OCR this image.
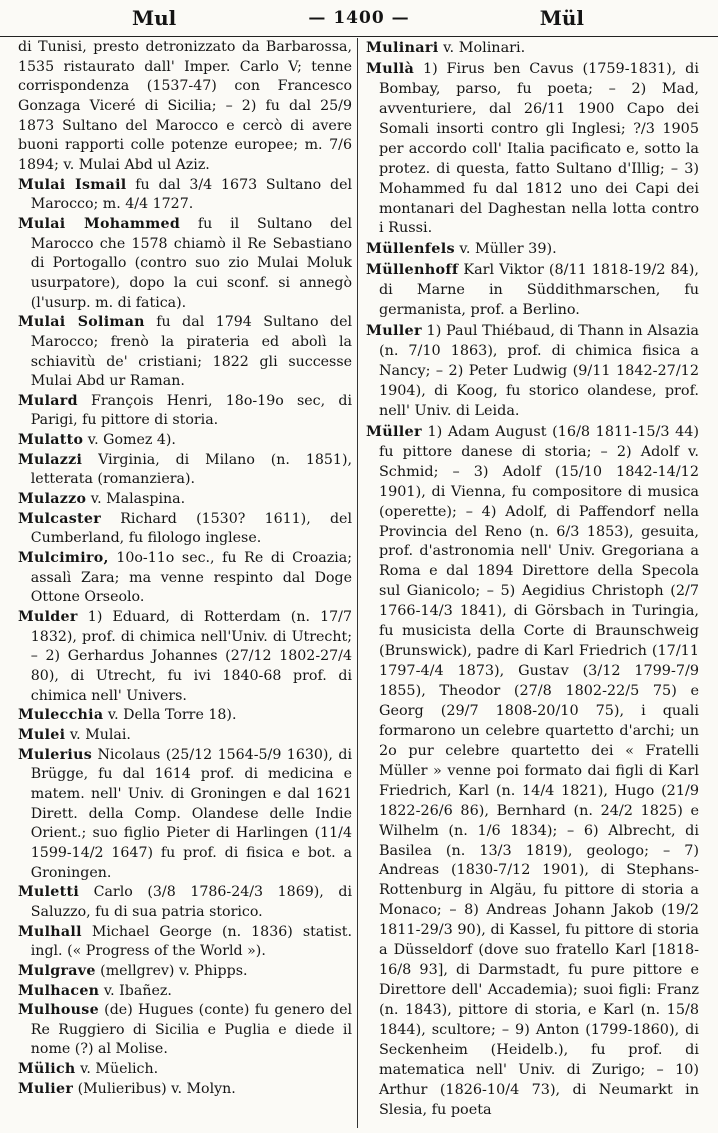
— 1400 —
Mul	Mül

di Tunisi, presto detronizzato da Barbarossa, 1535 ristaurato dall' Imper. Carlo V; tenne corrispondenza (1537-47) con Francesco Gonzaga Viceré di Sicilia; – 2) fu dal 25/9 1873 Sultano del Marocco e cercò di avere buoni rapporti colle potenze europee; m. 7/6 1894; v. Mulai Abd ul Aziz.

Mulai Ismail fu dal 3/4 1673 Sultano del Marocco; m. 4/4 1727.

Mulai Mohammed fu il Sultano del Marocco che 1578 chiamò il Re Sebastiano di Portogallo (contro suo zio Mulai Moluk usurpatore), dopo la cui sconf. si annegò (l'usurp. m. di fatica).

Mulai Soliman fu dal 1794 Sultano del Marocco; frenò la pirateria ed abolì la schiavitù de' cristiani; 1822 gli successe Mulai Abd ur Raman.

Mulard François Henri, 18o-19o sec, di Parigi, fu pittore di storia.

Mulatto v. Gomez 4).

Mulazzi Virginia, di Milano (n. 1851), letterata (romanziera).

Mulazzo v. Malaspina.

Mulcaster Richard (1530? 1611), del Cumberland, fu filologo inglese.

Mulcimiro, 10o-11o sec., fu Re di Croazia; assalì Zara; ma venne respinto dal Doge Ottone Orseolo.

Mulder 1) Eduard, di Rotterdam (n. 17/7 1832), prof. di chimica nell'Univ. di Utrecht; – 2) Gerhardus Johannes (27/12 1802-27/4 80), di Utrecht, fu ivi 1840-68 prof. di chimica nell' Univers.

Mulecchia v. Della Torre 18).

Mulei v. Mulai.

Mulerius Nicolaus (25/12 1564-5/9 1630), di Brügge, fu dal 1614 prof. di medicina e matem. nell' Univ. di Groningen e dal 1621 Dirett. della Comp. Olandese delle Indie Orient.; suo figlio Pieter di Harlingen (11/4 1599-14/2 1647) fu prof. di fisica e bot. a Groningen.

Muletti Carlo (3/8 1786-24/3 1869), di Saluzzo, fu di sua patria storico.

Mulhall Michael George (n. 1836) statist. ingl. (« Progress of the World »).

Mulgrave (mellgrev) v. Phipps.

Mulhacen v. Ibañez.

Mulhouse (de) Hugues (conte) fu genero del Re Ruggiero di Sicilia e Puglia e diede il nome (?) al Molise.

Mülich v. Müelich.

Mulier (Mulieribus) v. Molyn.

Mulinari v. Molinari.

Mullà 1) Firus ben Cavus (1759-1831), di Bombay, parso, fu poeta; – 2) Mad, avventuriere, dal 26/11 1900 Capo dei Somali insorti contro gli Inglesi; ?/3 1905 per accordo coll' Italia pacificato e, sotto la protez. di questa, fatto Sultano d'Illig; – 3) Mohammed fu dal 1812 uno dei Capi dei montanari del Daghestan nella lotta contro i Russi.

Müllenfels v. Müller 39).

Müllenhoff Karl Viktor (8/11 1818-19/2 84), di Marne in Süddithmarschen, fu germanista, prof. a Berlino.

Muller 1) Paul Thiébaud, di Thann in Alsazia (n. 7/10 1863), prof. di chimica fisica a Nancy; – 2) Peter Ludwig (9/11 1842-27/12 1904), di Koog, fu storico olandese, prof. nell' Univ. di Leida.

Müller 1) Adam August (16/8 1811-15/3 44) fu pittore danese di storia; – 2) Adolf v. Schmid; – 3) Adolf (15/10 1842-14/12 1901), di Vienna, fu compositore di musica (operette); – 4) Adolf, di Paffendorf nella Provincia del Reno (n. 6/3 1853), gesuita, prof. d'astronomia nell' Univ. Gregoriana a Roma e dal 1894 Direttore della Specola sul Gianicolo; – 5) Aegidius Christoph (2/7 1766-14/3 1841), di Görsbach in Turingia, fu musicista della Corte di Braunschweig (Brunswick), padre di Karl Friedrich (17/11 1797-4/4 1873), Gustav (3/12 1799-7/9 1855), Theodor (27/8 1802-22/5 75) e Georg (29/7 1808-20/10 75), i quali formarono un celebre quartetto d'archi; un 2o pur celebre quartetto dei « Fratelli Müller » venne poi formato dai figli di Karl Friedrich, Karl (n. 14/4 1821), Hugo (21/9 1822-26/6 86), Bernhard (n. 24/2 1825) e Wilhelm (n. 1/6 1834); – 6) Albrecht, di Basilea (n. 13/3 1819), geologo; – 7) Andreas (1830-7/12 1901), di Stephans-Rottenburg in Algäu, fu pittore di storia a Monaco; – 8) Andreas Johann Jakob (19/2 1811-29/3 90), di Kassel, fu pittore di storia a Düsseldorf (dove suo fratello Karl [1818-16/8 93], di Darmstadt, fu pure pittore e Direttore dell' Accademia); suoi figli: Franz (n. 1843), pittore di storia, e Karl (n. 15/8 1844), scultore; – 9) Anton (1799-1860), di Seckenheim (Heidelb.), fu prof. di matematica nell' Univ. di Zurigo; – 10) Arthur (1826-10/4 73), di Neumarkt in Slesia, fu poeta
